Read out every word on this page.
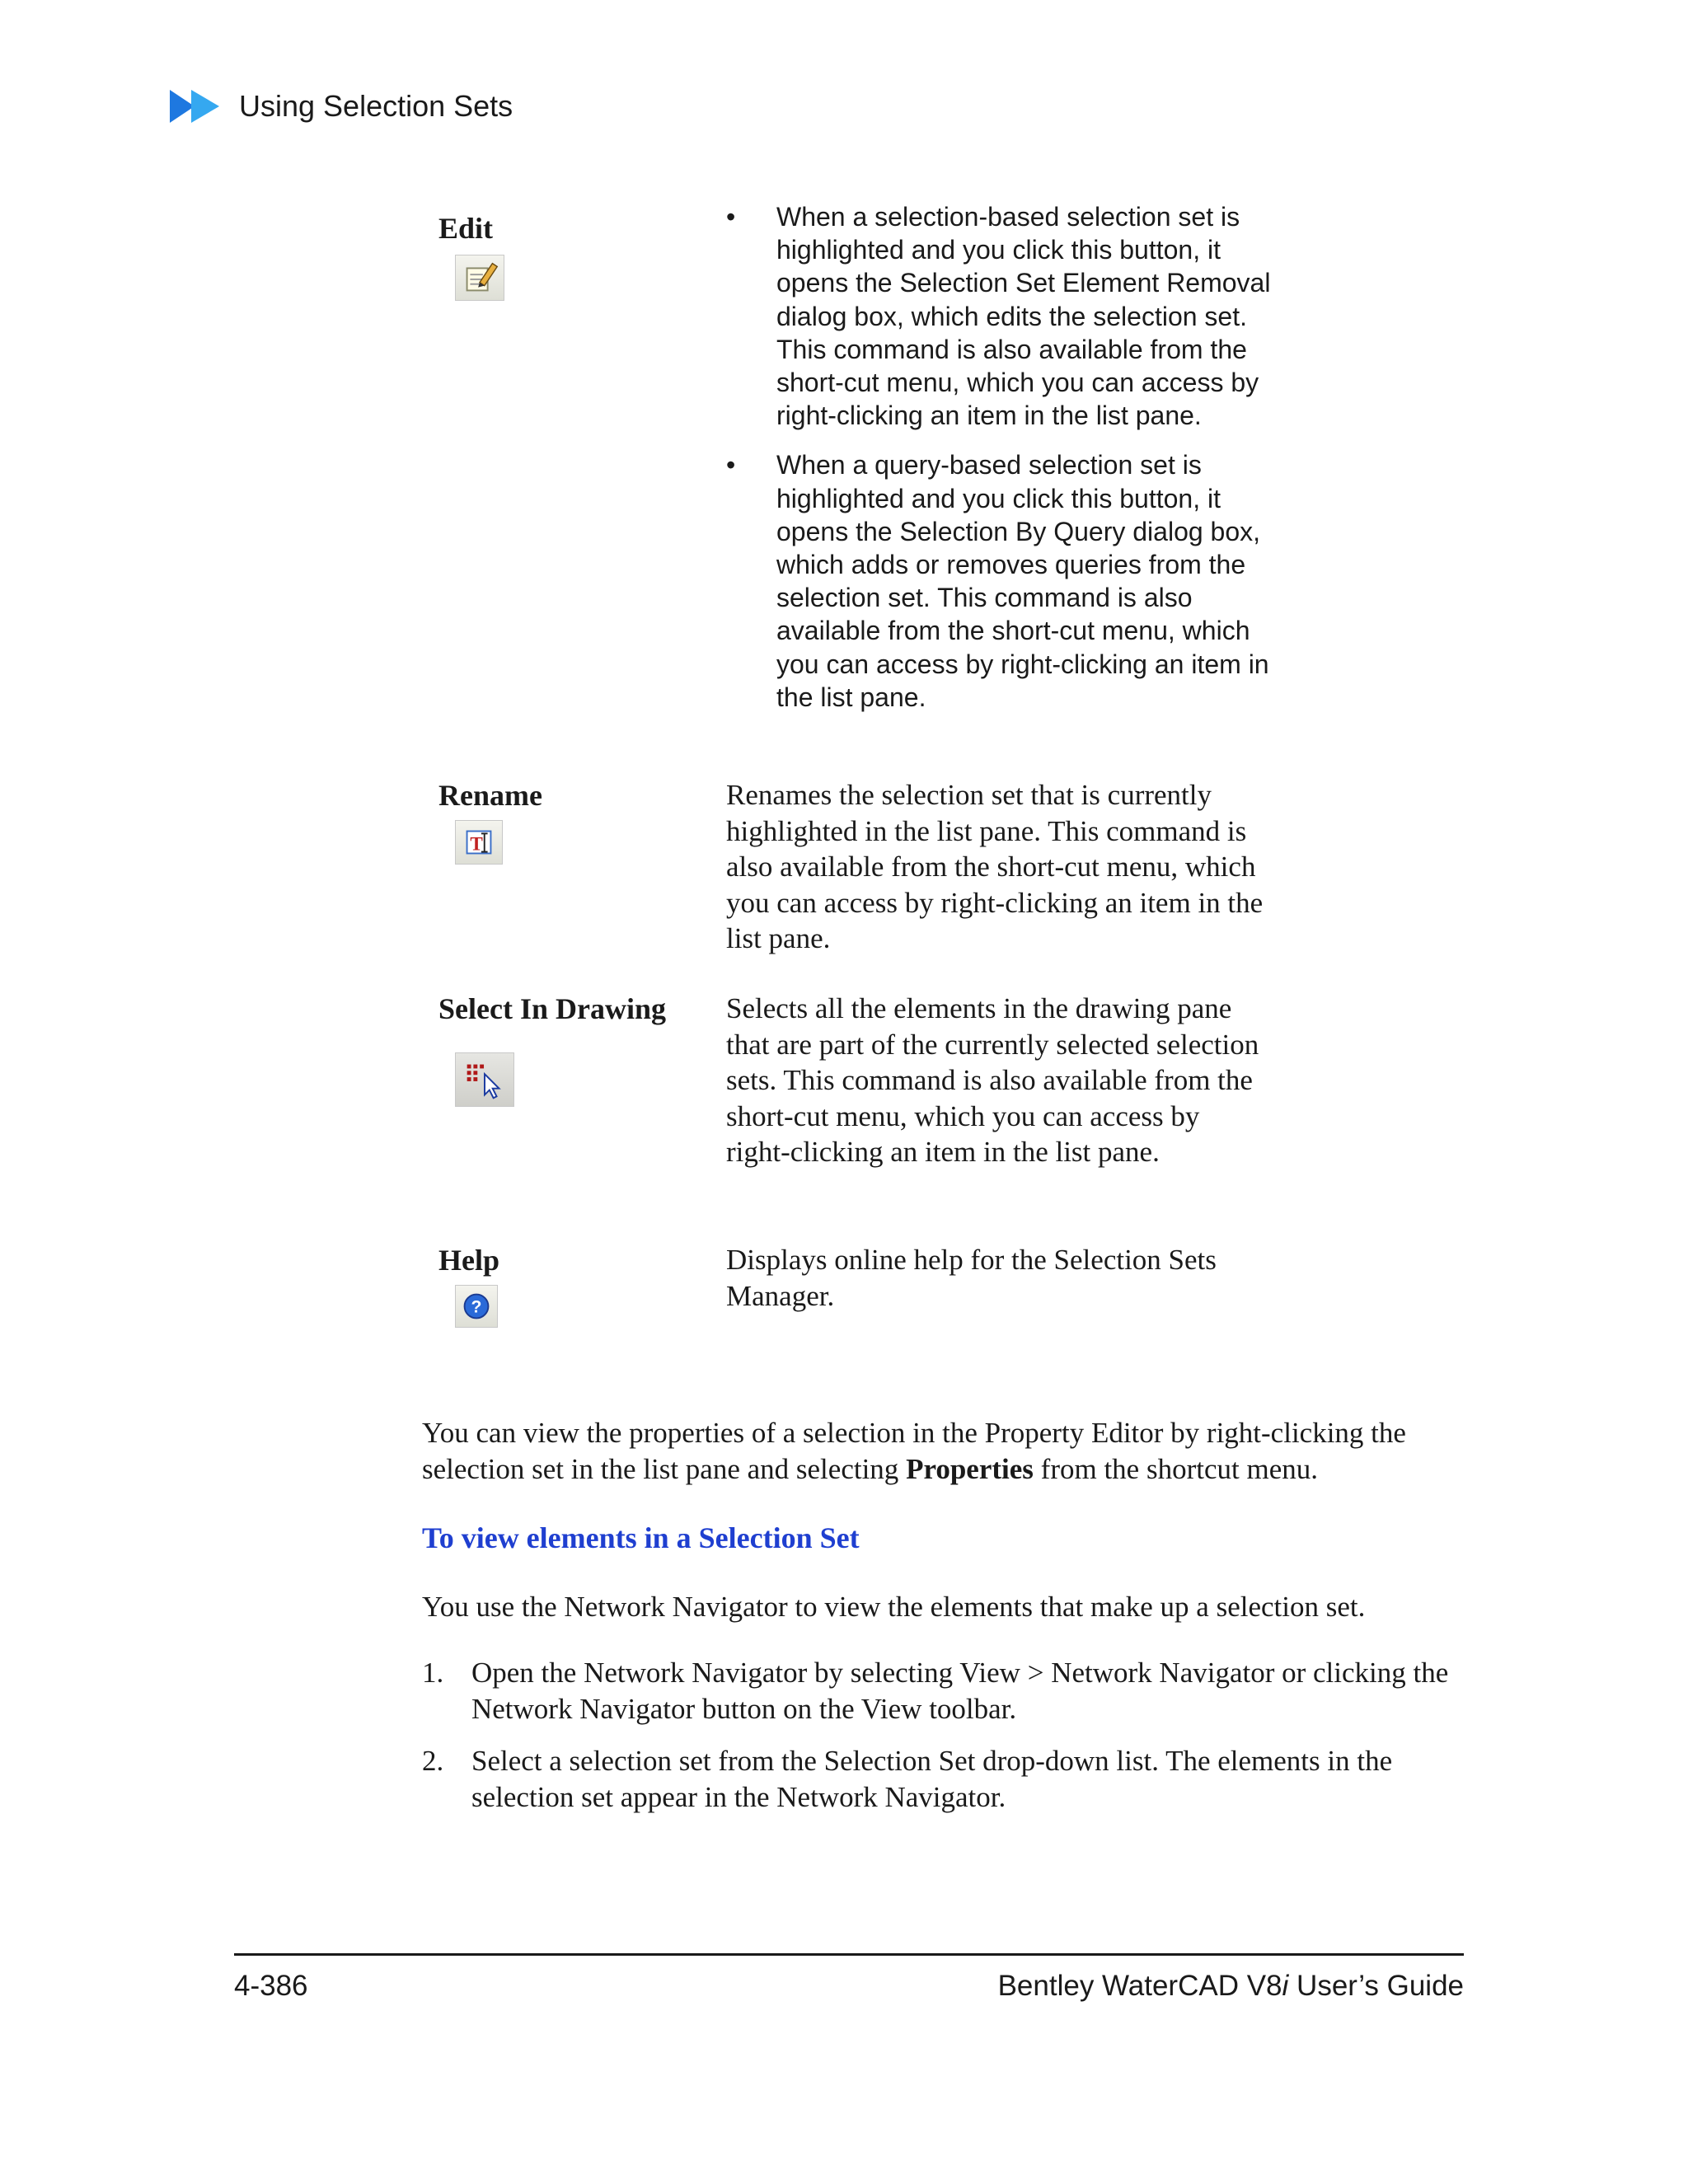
Using Selection Sets
Edit	• When a selection-based selection set is highlighted and you click this button, it opens the Selection Set Element Removal dialog box, which edits the selection set. This command is also available from the short-cut menu, which you can access by right-clicking an item in the list pane.
• When a query-based selection set is highlighted and you click this button, it opens the Selection By Query dialog box, which adds or removes queries from the selection set. This command is also available from the short-cut menu, which you can access by right-clicking an item in the list pane.
Rename
T
Renames the selection set that is currently highlighted in the list pane. This command is also available from the short-cut menu, which you can access by right-clicking an item in the list pane.
Select In Drawing Selects all the elements in the drawing pane that are part of the currently selected selection sets. This command is also available from the short-cut menu, which you can access by right-clicking an item in the list pane.
Help
?
Displays online help for the Selection Sets Manager.

You can view the properties of a selection in the Property Editor by right-clicking the selection set in the list pane and selecting Properties from the shortcut menu.

To view elements in a Selection Set

You use the Network Navigator to view the elements that make up a selection set.

1. Open the Network Navigator by selecting View > Network Navigator or clicking the Network Navigator button on the View toolbar.
2. Select a selection set from the Selection Set drop-down list. The elements in the selection set appear in the Network Navigator.
4-386	Bentley WaterCAD V8i User’s Guide
